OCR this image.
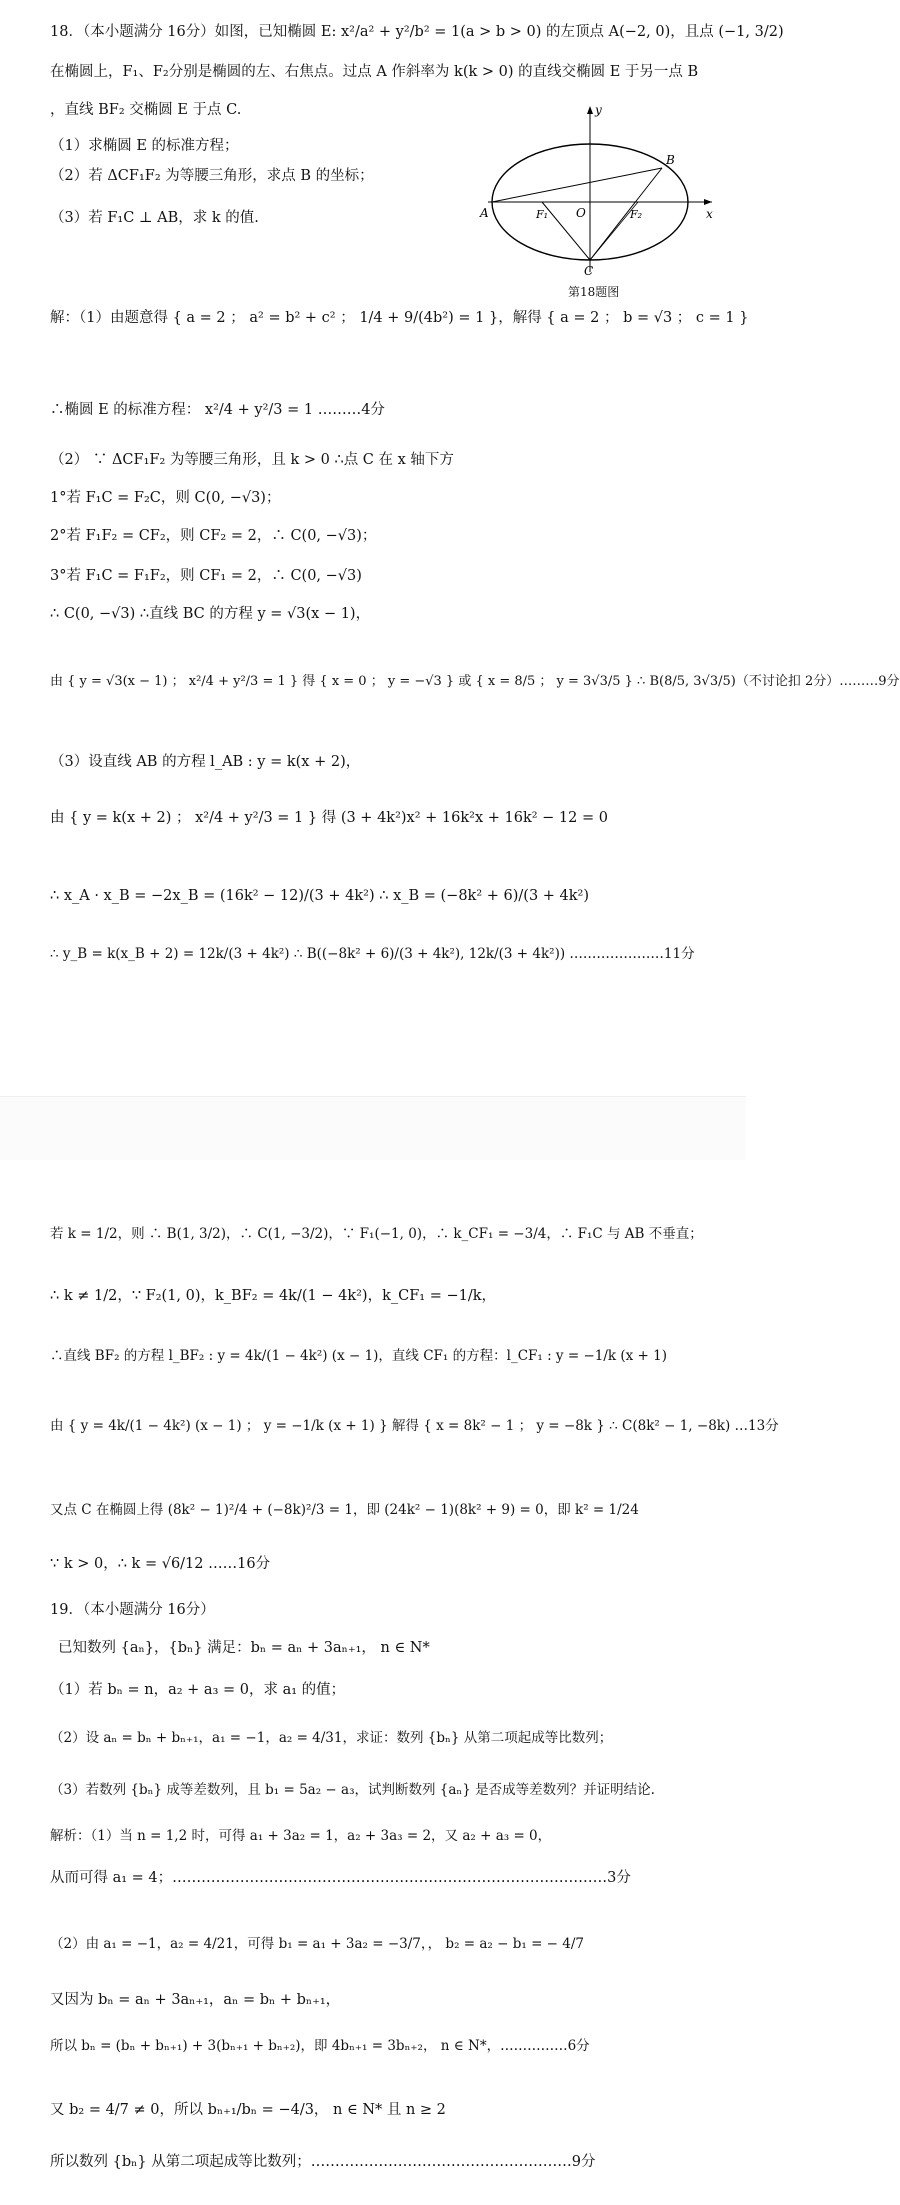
18．（本小题满分 16分）如图，已知椭圆 E: x²/a² + y²/b² = 1(a > b > 0) 的左顶点 A(−2, 0)，且点 (−1, 3/2)
在椭圆上，F₁、F₂分别是椭圆的左、右焦点。过点 A 作斜率为 k(k > 0) 的直线交椭圆 E 于另一点 B
，直线 BF₂ 交椭圆 E 于点 C.
（1）求椭圆 E 的标准方程；
（2）若 ΔCF₁F₂ 为等腰三角形，求点 B 的坐标；
（3）若 F₁C ⊥ AB，求 k 的值.
y
B
A	F₁ O	F₂	x
C
第18题图
解：（1）由题意得 { a = 2 ； a² = b² + c² ； 1/4 + 9/(4b²) = 1 }，解得 { a = 2 ； b = √3 ； c = 1 }
∴椭圆 E 的标准方程： x²/4 + y²/3 = 1 ………4分
（2） ∵ ΔCF₁F₂ 为等腰三角形，且 k > 0 ∴点 C 在 x 轴下方
1°若 F₁C = F₂C，则 C(0, −√3)；
2°若 F₁F₂ = CF₂，则 CF₂ = 2，∴ C(0, −√3)；
3°若 F₁C = F₁F₂，则 CF₁ = 2，∴ C(0, −√3)
∴ C(0, −√3) ∴直线 BC 的方程 y = √3(x − 1)，
由 { y = √3(x − 1) ； x²/4 + y²/3 = 1 } 得 { x = 0 ； y = −√3 } 或 { x = 8/5 ； y = 3√3/5 } ∴ B(8/5, 3√3/5)（不讨论扣 2分）………9分
（3）设直线 AB 的方程 l_AB : y = k(x + 2)，
由 { y = k(x + 2) ； x²/4 + y²/3 = 1 } 得 (3 + 4k²)x² + 16k²x + 16k² − 12 = 0
∴ x_A · x_B = −2x_B = (16k² − 12)/(3 + 4k²) ∴ x_B = (−8k² + 6)/(3 + 4k²)
∴ y_B = k(x_B + 2) = 12k/(3 + 4k²) ∴ B((−8k² + 6)/(3 + 4k²), 12k/(3 + 4k²)) …………………11分
若 k = 1/2，则 ∴ B(1, 3/2)，∴ C(1, −3/2)，∵ F₁(−1, 0)，∴ k_CF₁ = −3/4，∴ F₁C 与 AB 不垂直；
∴ k ≠ 1/2，∵ F₂(1, 0)，k_BF₂ = 4k/(1 − 4k²)，k_CF₁ = −1/k，
∴直线 BF₂ 的方程 l_BF₂ : y = 4k/(1 − 4k²) (x − 1)，直线 CF₁ 的方程：l_CF₁ : y = −1/k (x + 1)
由 { y = 4k/(1 − 4k²) (x − 1) ； y = −1/k (x + 1) } 解得 { x = 8k² − 1 ； y = −8k } ∴ C(8k² − 1, −8k) …13分
又点 C 在椭圆上得 (8k² − 1)²/4 + (−8k)²/3 = 1，即 (24k² − 1)(8k² + 9) = 0，即 k² = 1/24
∵ k > 0，∴ k = √6/12 ……16分
19．（本小题满分 16分）
已知数列 {aₙ}，{bₙ} 满足：bₙ = aₙ + 3aₙ₊₁， n ∈ N*
（1）若 bₙ = n，a₂ + a₃ = 0，求 a₁ 的值；
（2）设 aₙ = bₙ + bₙ₊₁，a₁ = −1，a₂ = 4/31，求证：数列 {bₙ} 从第二项起成等比数列；
（3）若数列 {bₙ} 成等差数列，且 b₁ = 5a₂ − a₃，试判断数列 {aₙ} 是否成等差数列？并证明结论.
解析：（1）当 n = 1,2 时，可得 a₁ + 3a₂ = 1，a₂ + 3a₃ = 2，又 a₂ + a₃ = 0，
从而可得 a₁ = 4；………………………………………………………………………………3分
（2）由 a₁ = −1，a₂ = 4/21，可得 b₁ = a₁ + 3a₂ = −3/7，， b₂ = a₂ − b₁ = − 4/7
又因为 bₙ = aₙ + 3aₙ₊₁，aₙ = bₙ + bₙ₊₁，
所以 bₙ = (bₙ + bₙ₊₁) + 3(bₙ₊₁ + bₙ₊₂)，即 4bₙ₊₁ = 3bₙ₊₂， n ∈ N*，……………6分
又 b₂ = 4/7 ≠ 0，所以 bₙ₊₁/bₙ = −4/3， n ∈ N* 且 n ≥ 2
所以数列 {bₙ} 从第二项起成等比数列；………………………………………………9分
